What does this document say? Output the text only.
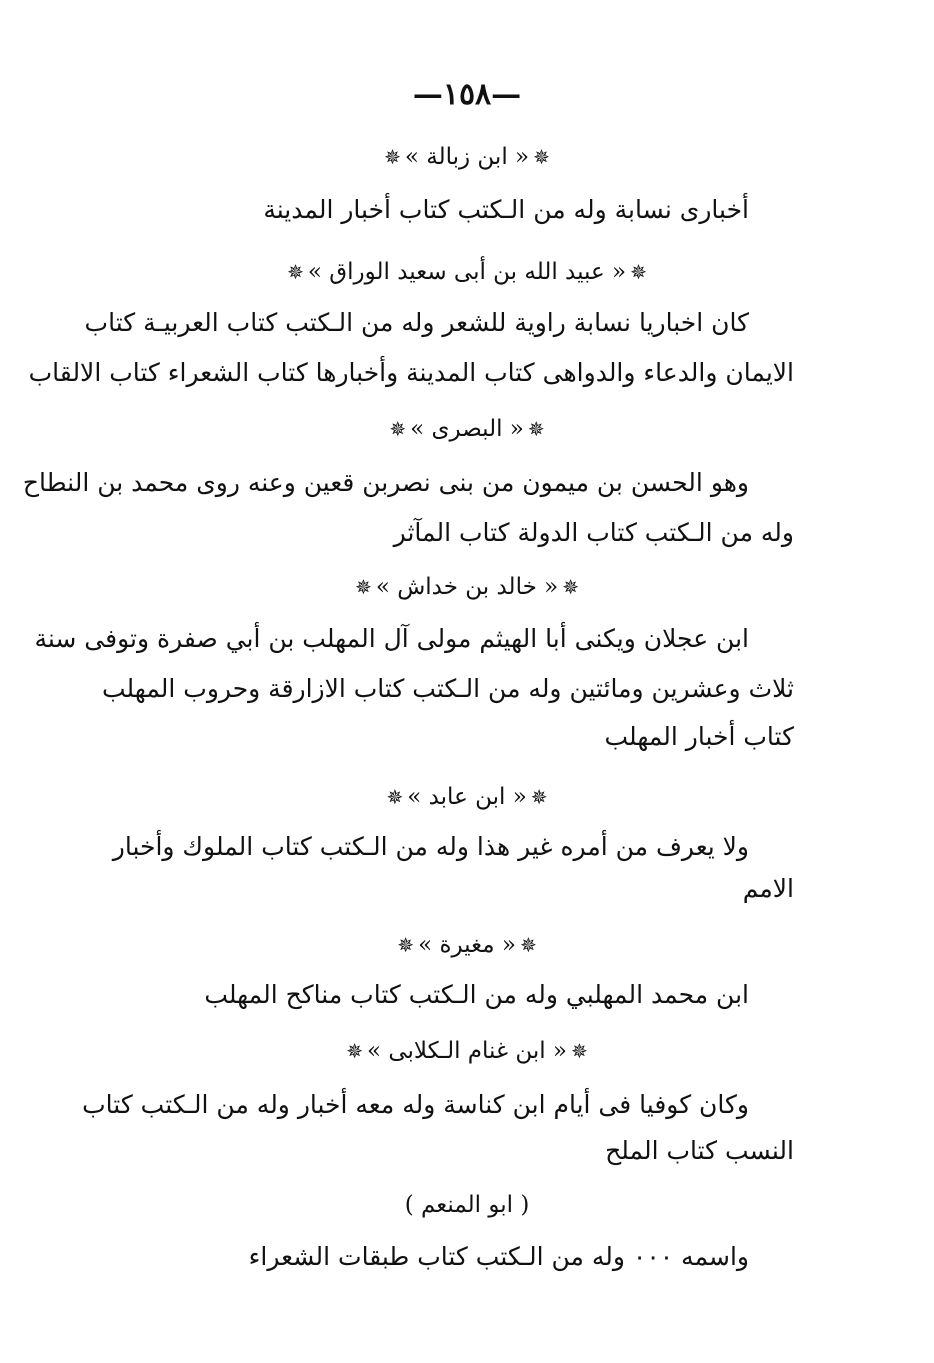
—١٥٨—
✵« ابن زبالة »✵
أخبارى نسابة وله من الـكتب كتاب أخبار المدينة
✵« عبيد الله بن أبى سعيد الوراق »✵
كان اخباريا نسابة راوية للشعر وله من الـكتب كتاب العربيـة كتاب
الايمان والدعاء والدواهى كتاب المدينة وأخبارها كتاب الشعراء كتاب الالقاب
✵« البصرى »✵
وهو الحسن بن ميمون من بنى نصربن قعين وعنه روى محمد بن النطاح
وله من الـكتب كتاب الدولة كتاب المآثر
✵« خالد بن خداش »✵
ابن عجلان ويكنى أبا الهيثم مولى آل المهلب بن أبي صفرة وتوفى سنة
ثلاث وعشرين ومائتين وله من الـكتب كتاب الازارقة وحروب المهلب
كتاب أخبار المهلب
✵« ابن عابد »✵
ولا يعرف من أمره غير هذا وله من الـكتب كتاب الملوك وأخبار
الامم
✵« مغيرة »✵
ابن محمد المهلبي وله من الـكتب كتاب مناكح المهلب
✵« ابن غنام الـكلابى »✵
وكان كوفيا فى أيام ابن كناسة وله معه أخبار وله من الـكتب كتاب
النسب كتاب الملح
( ابو المنعم )
واسمه ۰۰۰ وله من الـكتب كتاب طبقات الشعراء
